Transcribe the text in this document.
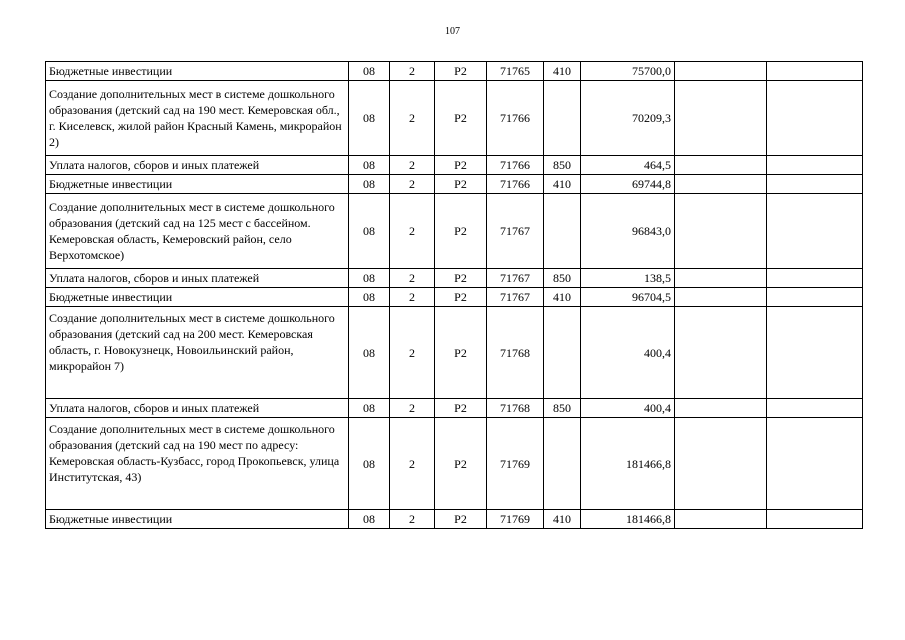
107
Бюджетные инвестиции	08	2	Р2	71765	410	75700,0		
Создание дополнительных мест в системе дошкольного образования (детский сад на 190 мест. Кемеровская обл., г. Киселевск, жилой район Красный Камень, микрорайон 2)	08	2	Р2	71766		70209,3		
Уплата налогов, сборов и иных платежей	08	2	Р2	71766	850	464,5		
Бюджетные инвестиции	08	2	Р2	71766	410	69744,8		
Создание дополнительных мест в системе дошкольного образования (детский сад на 125 мест с бассейном. Кемеровская область, Кемеровский район, село Верхотомское)	08	2	Р2	71767		96843,0		
Уплата налогов, сборов и иных платежей	08	2	Р2	71767	850	138,5		
Бюджетные инвестиции	08	2	Р2	71767	410	96704,5		
Создание дополнительных мест в системе дошкольного образования (детский сад на 200 мест. Кемеровская область, г. Новокузнецк, Новоильинский район, микрорайон 7)	08	2	Р2	71768		400,4		
Уплата налогов, сборов и иных платежей	08	2	Р2	71768	850	400,4		
Создание дополнительных мест в системе дошкольного образования (детский сад на 190 мест по адресу: Кемеровская область-Кузбасс, город Прокопьевск, улица Институтская, 43)	08	2	Р2	71769		181466,8		
Бюджетные инвестиции	08	2	Р2	71769	410	181466,8		
